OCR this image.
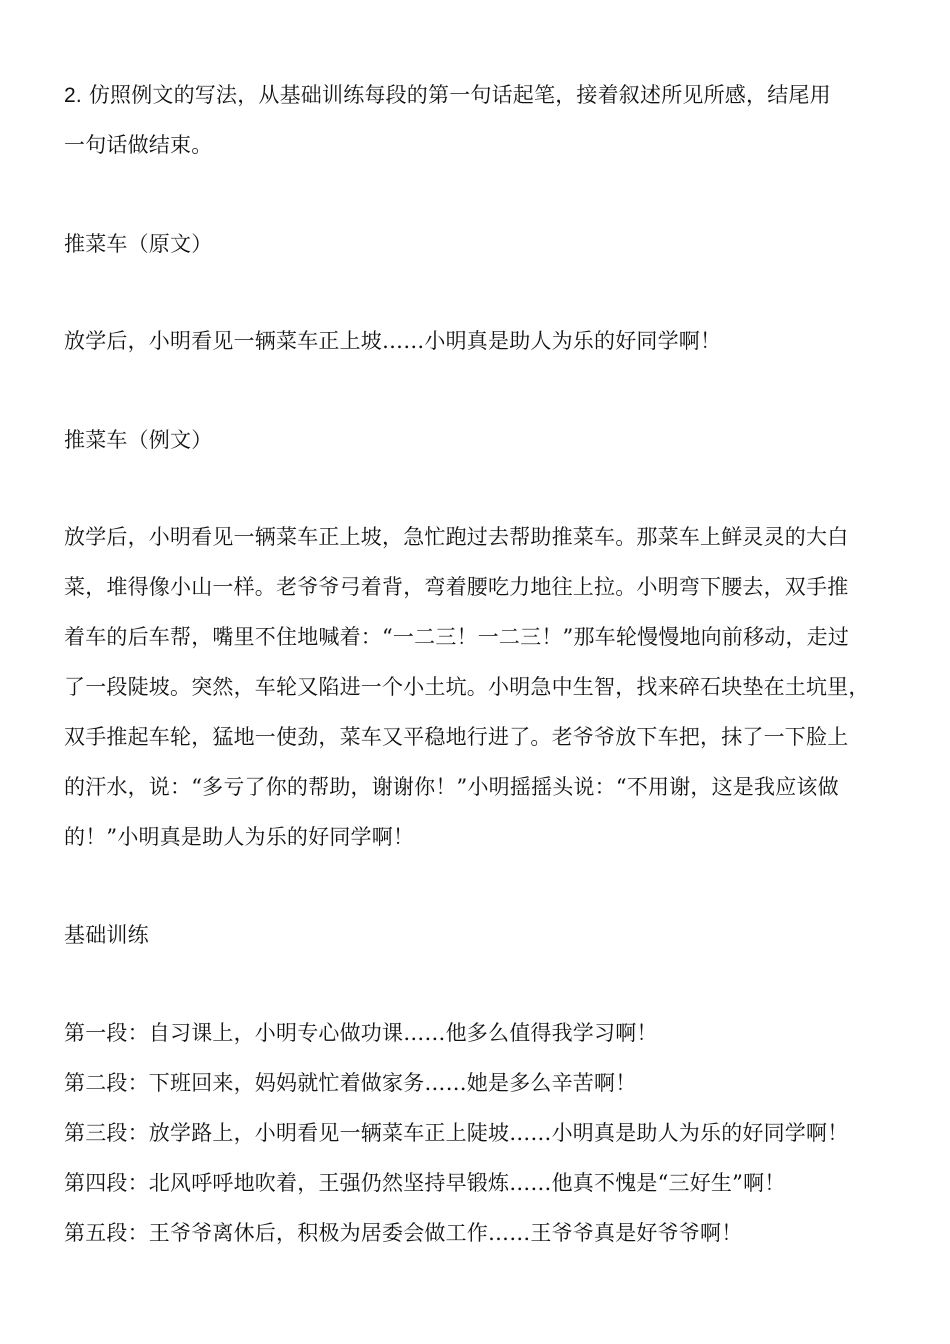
2. 仿照例文的写法，从基础训练每段的第一句话起笔，接着叙述所见所感，结尾用
一句话做结束。
推菜车（原文）
放学后，小明看见一辆菜车正上坡……小明真是助人为乐的好同学啊！
推菜车（例文）
放学后，小明看见一辆菜车正上坡，急忙跑过去帮助推菜车。那菜车上鲜灵灵的大白
菜，堆得像小山一样。老爷爷弓着背，弯着腰吃力地往上拉。小明弯下腰去，双手推
着车的后车帮，嘴里不住地喊着：“一二三！一二三！”那车轮慢慢地向前移动，走过
了一段陡坡。突然，车轮又陷进一个小土坑。小明急中生智，找来碎石块垫在土坑里，
双手推起车轮，猛地一使劲，菜车又平稳地行进了。老爷爷放下车把，抹了一下脸上
的汗水，说：“多亏了你的帮助，谢谢你！”小明摇摇头说：“不用谢，这是我应该做
的！”小明真是助人为乐的好同学啊！
基础训练
第一段：自习课上，小明专心做功课……他多么值得我学习啊！
第二段：下班回来，妈妈就忙着做家务……她是多么辛苦啊！
第三段：放学路上，小明看见一辆菜车正上陡坡……小明真是助人为乐的好同学啊！
第四段：北风呼呼地吹着，王强仍然坚持早锻炼……他真不愧是“三好生”啊！
第五段：王爷爷离休后，积极为居委会做工作……王爷爷真是好爷爷啊！
